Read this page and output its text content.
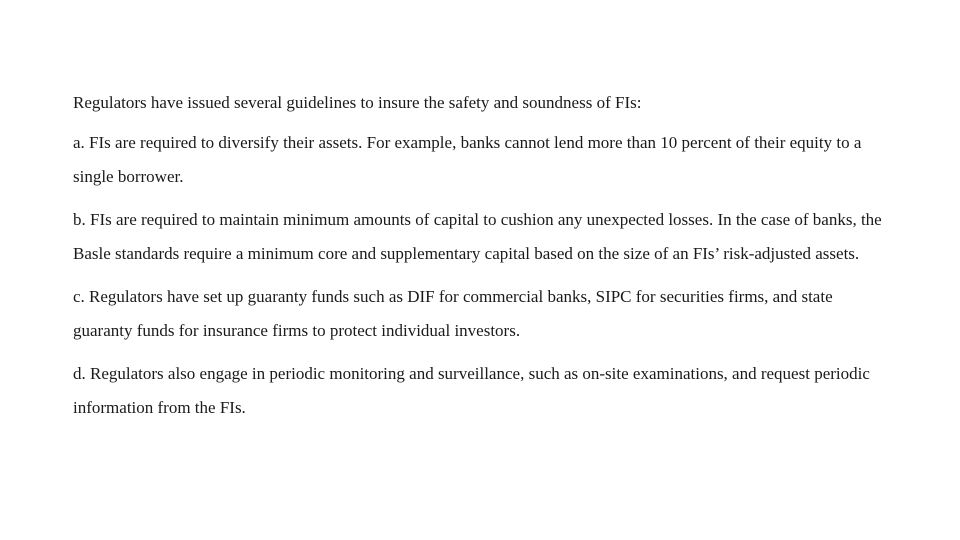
Regulators have issued several guidelines to insure the safety and soundness of FIs:

a. FIs are required to diversify their assets. For example, banks cannot lend more than 10 percent of their equity to a single borrower.

b. FIs are required to maintain minimum amounts of capital to cushion any unexpected losses. In the case of banks, the Basle standards require a minimum core and supplementary capital based on the size of an FIs’ risk-adjusted assets.

c. Regulators have set up guaranty funds such as DIF for commercial banks, SIPC for securities firms, and state guaranty funds for insurance firms to protect individual investors.

d. Regulators also engage in periodic monitoring and surveillance, such as on-site examinations, and request periodic information from the FIs.
